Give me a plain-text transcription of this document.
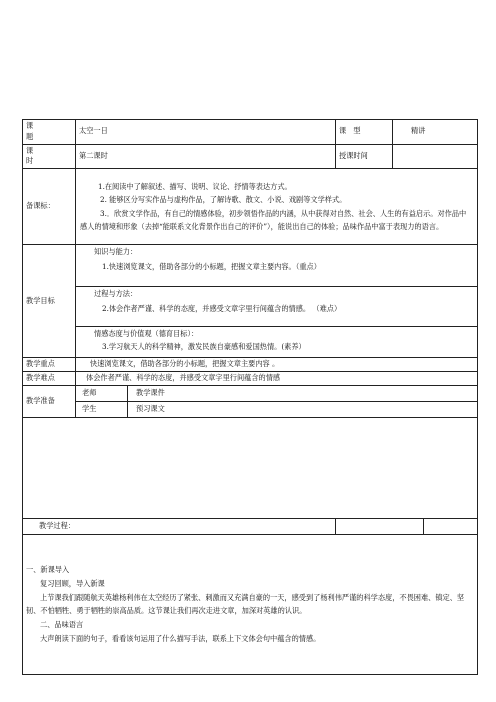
课　题	太空一日		课　型	精讲	
课　时	第二课时		授课时间		
备课标：	1.在阅读中了解叙述、描写、说明、议论、抒情等表达方式。

2. 能够区分写实作品与虚构作品，了解诗歌、散文、小说、戏剧等文学样式。

3.．欣赏文学作品，有自己的情感体验，初步领悟作品的内涵，从中获得对自然、社会、人生的有益启示。对作品中感人的情境和形象（去掉“能联系文化背景作出自己的评价”），能说出自己的体验；品味作品中富于表现力的语言。				

教学目标	知识与能力：

1.快速浏览课文，借助各部分的小标题，把握文章主要内容。（重点）				

	过程与方法：

2.体会作者严谨、科学的态度，并感受文章字里行间蕴含的情感。 （难点）				

	情感态度与价值观（德育目标）：

3.学习航天人的科学精神，激发民族自豪感和爱国热情。(素养）				

教学重点	快速浏览课文，借助各部分的小标题，把握文章主要内容 。				
教学难点	体会作者严谨、科学的态度，并感受文章字里行间蕴含的情感				
教学准备	老师	教学课件			
	学生	预习课文			

教学过程：					

一、新课导入

复习回顾，导入新课

上节课我们跟随航天英雄杨利伟在太空经历了紧张、刺激而又充满自豪的一天，感受到了杨利伟严谨的科学态度，不畏困难、镇定、坚韧、不怕牺牲、勇于牺牲的崇高品质。这节课让我们再次走进文章，加深对英雄的认识。

二、品味语言

大声朗读下面的句子，看看该句运用了什么描写手法，联系上下文体会句中蕴含的情感。					
